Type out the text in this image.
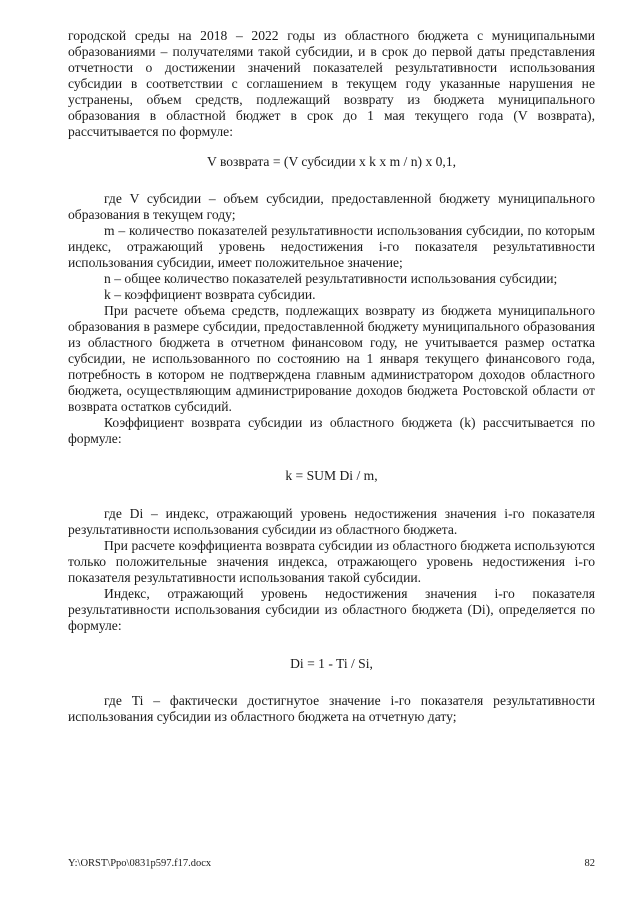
городской среды на 2018 – 2022 годы из областного бюджета с муниципальными образованиями – получателями такой субсидии, и в срок до первой даты представления отчетности о достижении значений показателей результативности использования субсидии в соответствии с соглашением в текущем году указанные нарушения не устранены, объем средств, подлежащий возврату из бюджета муниципального образования в областной бюджет в срок до 1 мая текущего года (V возврата), рассчитывается по формуле:

V возврата = (V субсидии x k x m / n) x 0,1,

где V субсидии – объем субсидии, предоставленной бюджету муниципального образования в текущем году;

m – количество показателей результативности использования субсидии, по которым индекс, отражающий уровень недостижения i-го показателя результативности использования субсидии, имеет положительное значение;

n – общее количество показателей результативности использования субсидии;

k – коэффициент возврата субсидии.

При расчете объема средств, подлежащих возврату из бюджета муниципального образования в размере субсидии, предоставленной бюджету муниципального образования из областного бюджета в отчетном финансовом году, не учитывается размер остатка субсидии, не использованного по состоянию на 1 января текущего финансового года, потребность в котором не подтверждена главным администратором доходов областного бюджета, осуществляющим администрирование доходов бюджета Ростовской области от возврата остатков субсидий.

Коэффициент возврата субсидии из областного бюджета (k) рассчитывается по формуле:

k = SUM Di / m,

где Di – индекс, отражающий уровень недостижения значения i-го показателя результативности использования субсидии из областного бюджета.

При расчете коэффициента возврата субсидии из областного бюджета используются только положительные значения индекса, отражающего уровень недостижения i-го показателя результативности использования такой субсидии.

Индекс, отражающий уровень недостижения значения i-го показателя результативности использования субсидии из областного бюджета (Di), определяется по формуле:

Di = 1 - Ti / Si,

где Ti – фактически достигнутое значение i-го показателя результативности использования субсидии из областного бюджета на отчетную дату;

Y:\ORST\Ppo\0831p597.f17.docx	82
